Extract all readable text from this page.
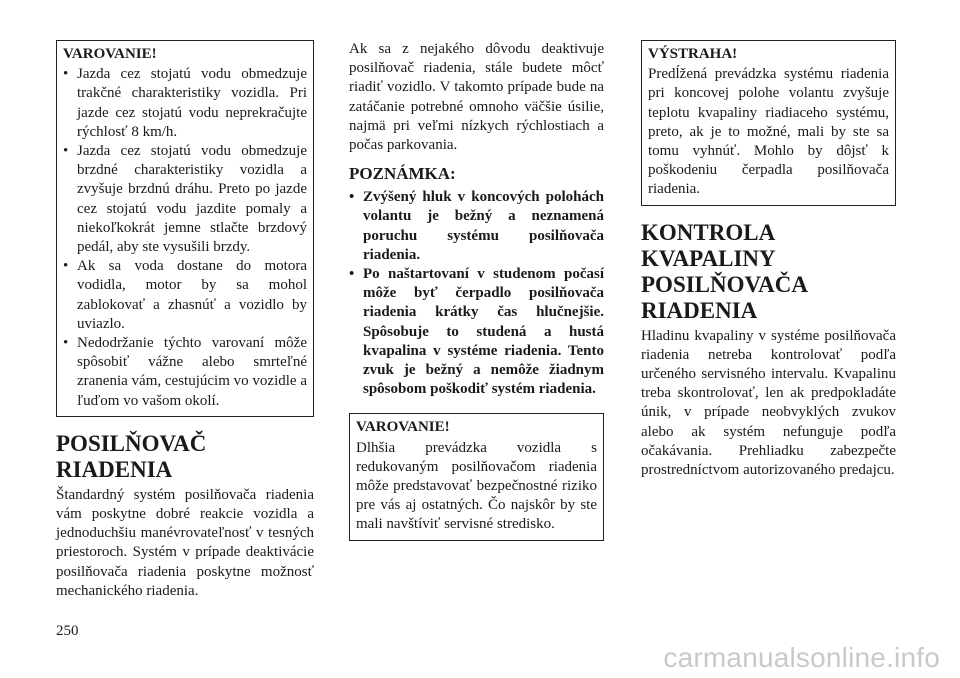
VAROVANIE!
• Jazda cez stojatú vodu obmedzuje trakčné charakteristiky vozidla. Pri jazde cez stojatú vodu neprekračujte rýchlosť 8 km/h.
• Jazda cez stojatú vodu obmedzuje brzdné charakteristiky vozidla a zvyšuje brzdnú dráhu. Preto po jazde cez stojatú vodu jazdite pomaly a niekoľkokrát jemne stlačte brzdový pedál, aby ste vysušili brzdy.
• Ak sa voda dostane do motora vodidla, motor by sa mohol zablokovať a zhasnúť a vozidlo by uviazlo.
• Nedodržanie týchto varovaní môže spôsobiť vážne alebo smrteľné zranenia vám, cestujúcim vo vozidle a ľuďom vo vašom okolí.
POSILŇOVAČ RIADENIA

Štandardný systém posilňovača riadenia vám poskytne dobré reakcie vozidla a jednoduchšiu manévrovateľnosť v tesných priestoroch. Systém v prípade deaktivácie posilňovača riadenia poskytne možnosť mechanického riadenia.

Ak sa z nejakého dôvodu deaktivuje posilňovač riadenia, stále budete môcť riadiť vozidlo. V takomto prípade bude na zatáčanie potrebné omnoho väčšie úsilie, najmä pri veľmi nízkych rýchlostiach a počas parkovania.

POZNÁMKA:
• Zvýšený hluk v koncových polohách volantu je bežný a neznamená poruchu systému posilňovača riadenia.
• Po naštartovaní v studenom počasí môže byť čerpadlo posilňovača riadenia krátky čas hlučnejšie. Spôsobuje to studená a hustá kvapalina v systéme riadenia. Tento zvuk je bežný a nemôže žiadnym spôsobom poškodiť systém riadenia.
VAROVANIE!

Dlhšia prevádzka vozidla s redukovaným posilňovačom riadenia môže predstavovať bezpečnostné riziko pre vás aj ostatných. Čo najskôr by ste mali navštíviť servisné stredisko.

VÝSTRAHA!

Predĺžená prevádzka systému riadenia pri koncovej polohe volantu zvyšuje teplotu kvapaliny riadiaceho systému, preto, ak je to možné, mali by ste sa tomu vyhnúť. Mohlo by dôjsť k poškodeniu čerpadla posilňovača riadenia.

KONTROLA KVAPALINY POSILŇOVAČA RIADENIA

Hladinu kvapaliny v systéme posilňovača riadenia netreba kontrolovať podľa určeného servisného intervalu. Kvapalinu treba skontrolovať, len ak predpokladáte únik, v prípade neobvyklých zvukov alebo ak systém nefunguje podľa očakávania. Prehliadku zabezpečte prostredníctvom autorizovaného predajcu.

250
carmanualsonline.info
